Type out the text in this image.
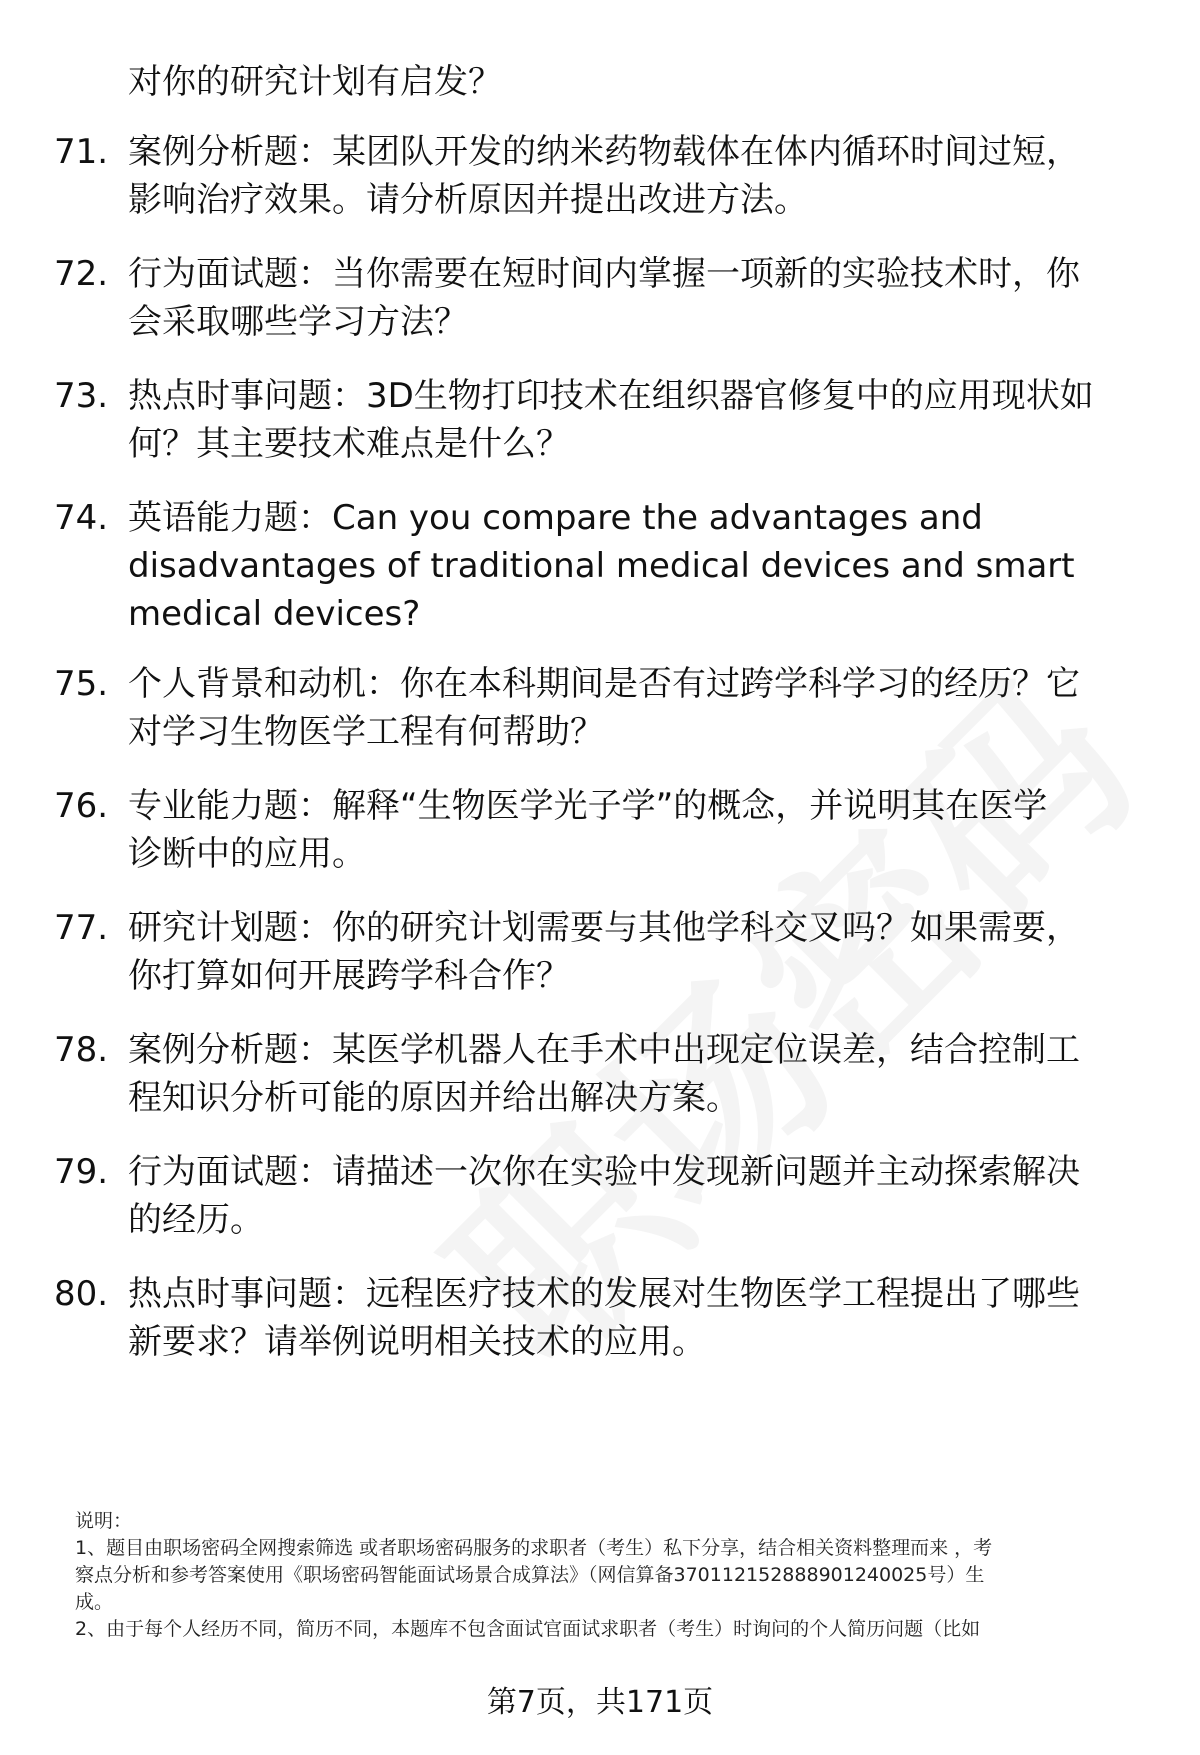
对你的研究计划有启发？
71. 案例分析题：某团队开发的纳米药物载体在体内循环时间过短，
影响治疗效果。请分析原因并提出改进方法。
72. 行为面试题：当你需要在短时间内掌握一项新的实验技术时，你
会采取哪些学习方法？
73. 热点时事问题：3D生物打印技术在组织器官修复中的应用现状如
何？其主要技术难点是什么？
74. 英语能力题：Can you compare the advantages and
disadvantages of traditional medical devices and smart
medical devices?
75. 个人背景和动机：你在本科期间是否有过跨学科学习的经历？它
对学习生物医学工程有何帮助？
76. 专业能力题：解释“生物医学光子学”的概念，并说明其在医学
诊断中的应用。
77. 研究计划题：你的研究计划需要与其他学科交叉吗？如果需要，
你打算如何开展跨学科合作？
78. 案例分析题：某医学机器人在手术中出现定位误差，结合控制工
程知识分析可能的原因并给出解决方案。
79. 行为面试题：请描述一次你在实验中发现新问题并主动探索解决
的经历。
80. 热点时事问题：远程医疗技术的发展对生物医学工程提出了哪些
新要求？请举例说明相关技术的应用。
说明：
1、题目由职场密码全网搜索筛选 或者职场密码服务的求职者（考生）私下分享，结合相关资料整理而来 ，考
察点分析和参考答案使用《职场密码智能面试场景合成算法》（网信算备370112152888901240025号）生
成。
2、由于每个人经历不同，简历不同，本题库不包含面试官面试求职者（考生）时询问的个人简历问题（比如
第7页，共171页
